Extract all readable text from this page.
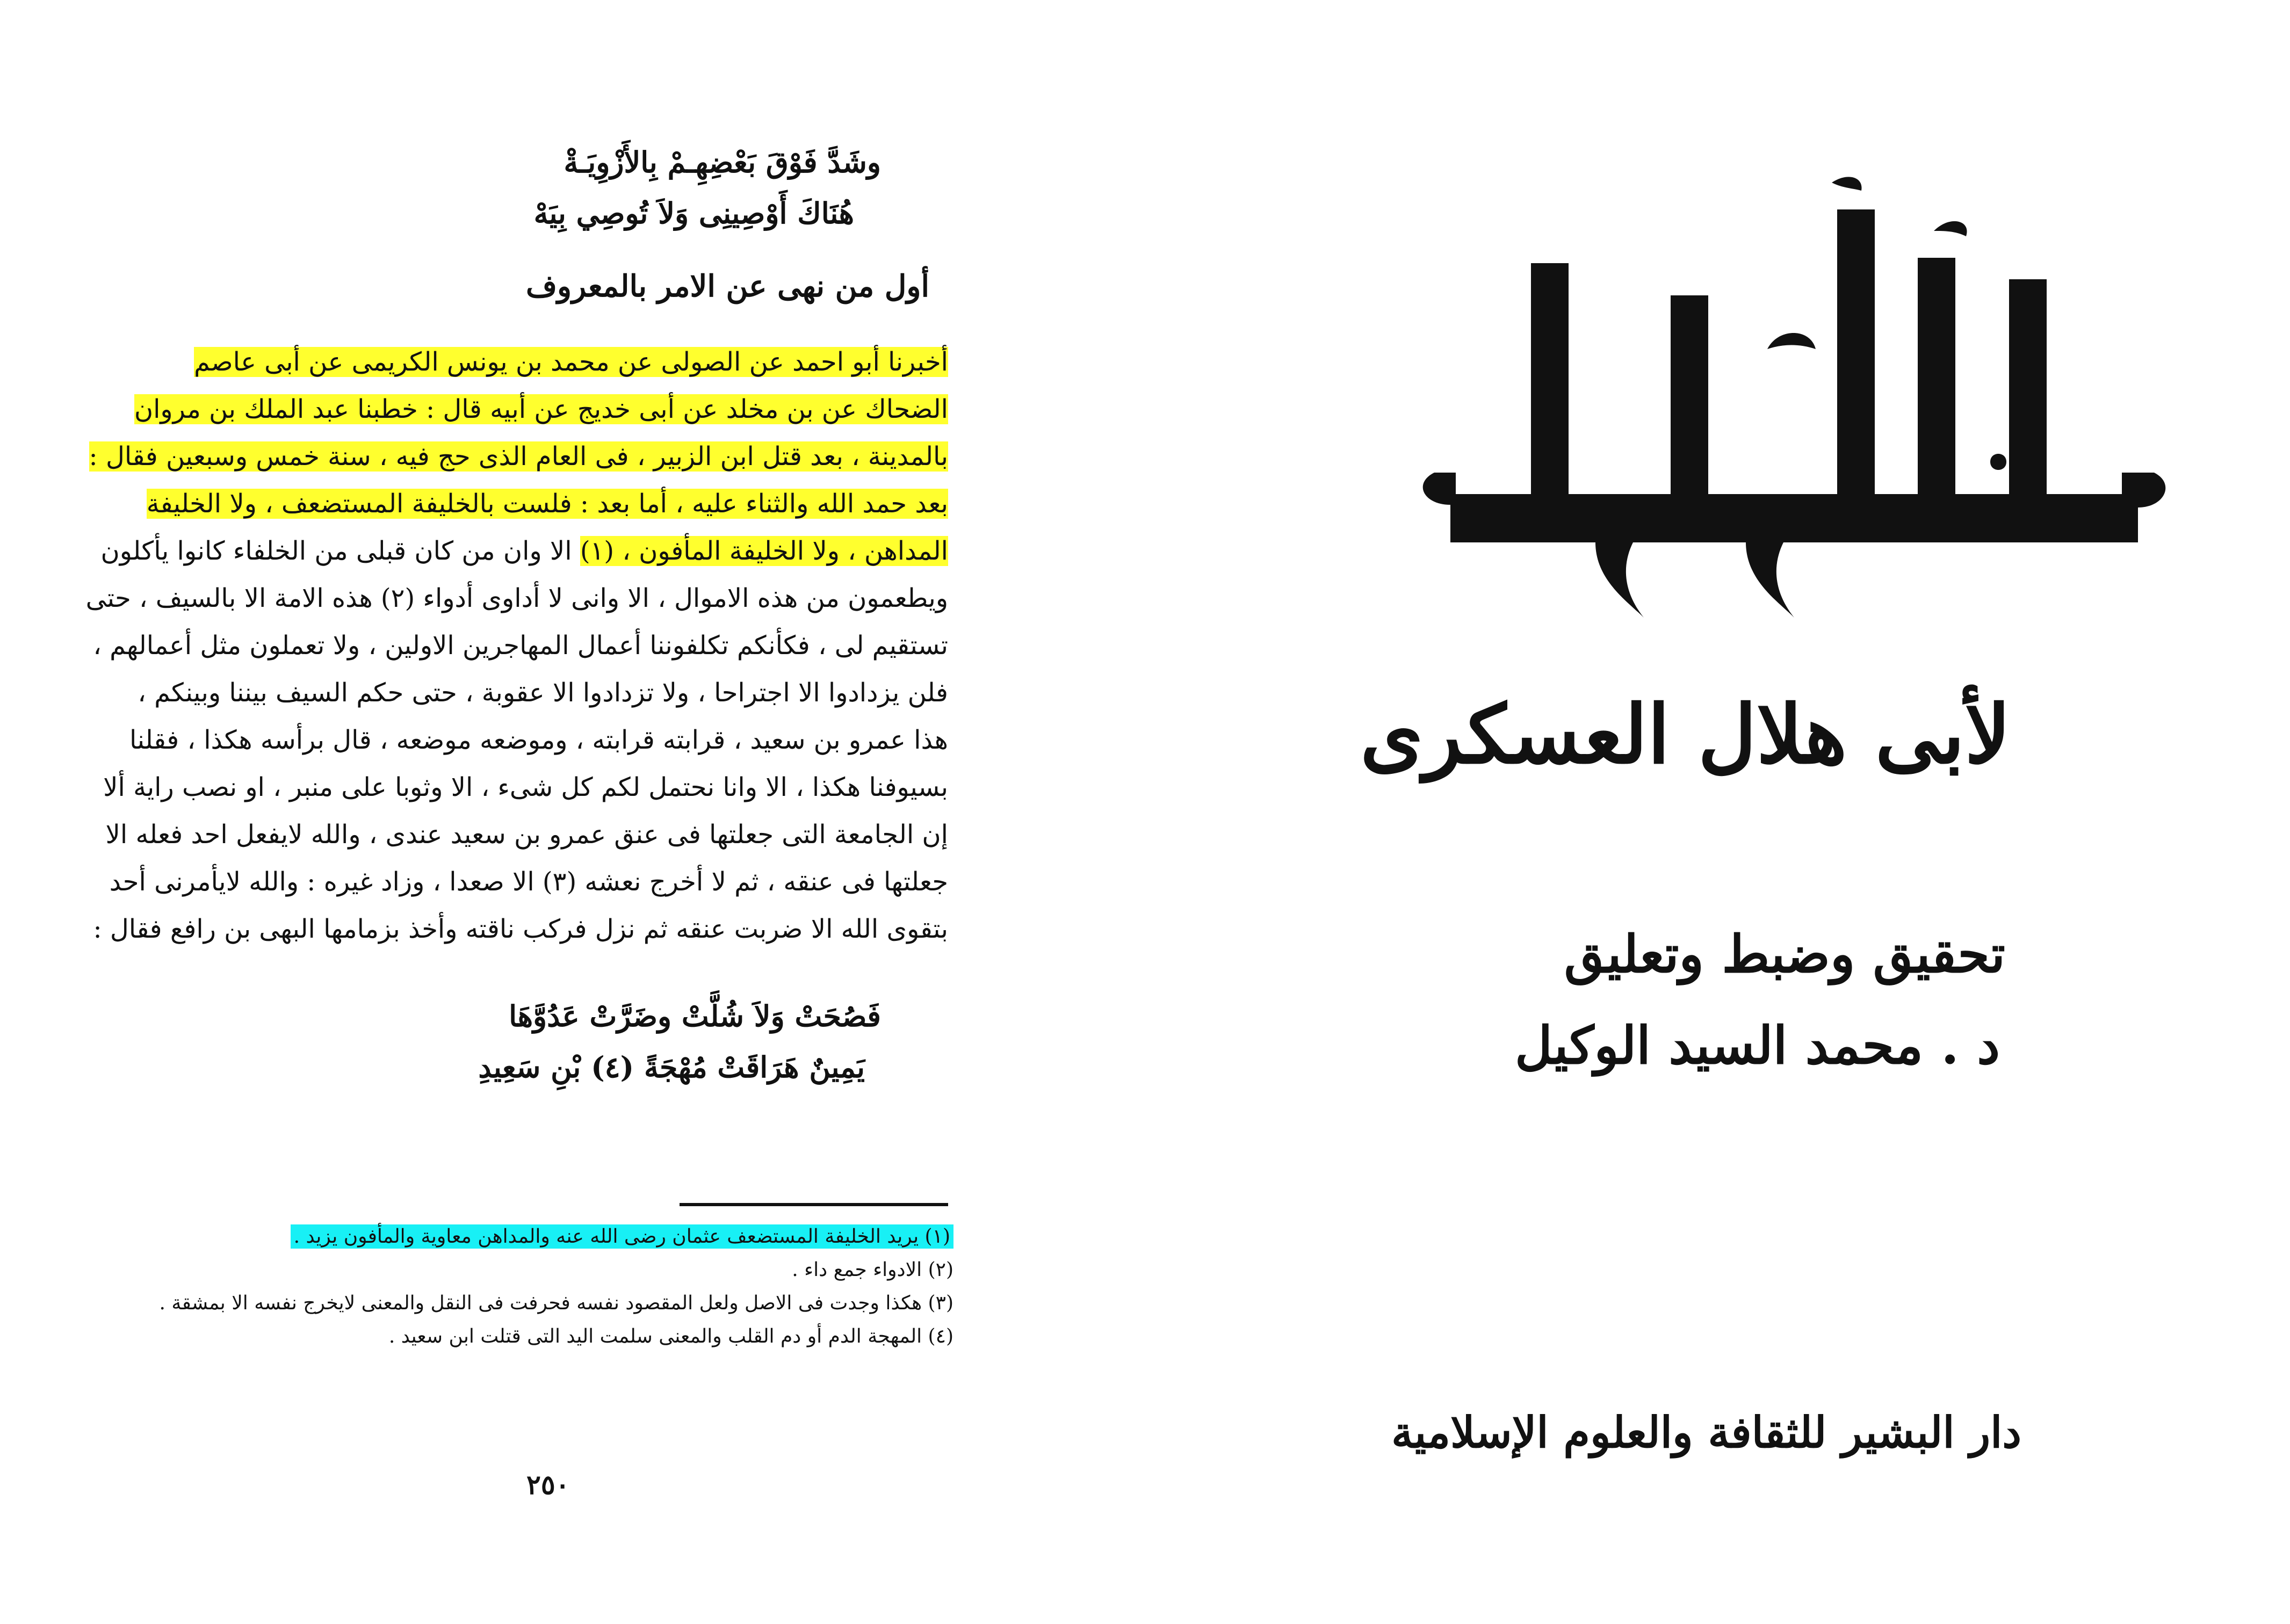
وشَدَّ فَوْقَ بَعْضِهِـمْ بِالأَزْوِيَـةْ
هُنَاكَ أَوْصِينِى وَلاَ تُوصِي بِيَهْ
أول من نهى عن الامر بالمعروف
أخبرنا أبو احمد عن الصولى عن محمد بن يونس الكريمى عن أبى عاصم
الضحاك عن بن مخلد عن أبى خديج عن أبيه قال : خطبنا عبد الملك بن مروان
بالمدينة ، بعد قتل ابن الزبير ، فى العام الذى حج فيه ، سنة خمس وسبعين فقال :
بعد حمد الله والثناء عليه ، أما بعد : فلست بالخليفة المستضعف ، ولا الخليفة
المداهن ، ولا الخليفة المأفون ، (١) الا وان من كان قبلى من الخلفاء كانوا يأكلون
ويطعمون من هذه الاموال ، الا وانى لا أداوى أدواء (٢) هذه الامة الا بالسيف ، حتى
تستقيم لى ، فكأنكم تكلفوننا أعمال المهاجرين الاولين ، ولا تعملون مثل أعمالهم ،
فلن يزدادوا الا اجتراحا ، ولا تزدادوا الا عقوبة ، حتى حكم السيف بيننا وبينكم ،
هذا عمرو بن سعيد ، قرابته قرابته ، وموضعه موضعه ، قال برأسه هكذا ، فقلنا
بسيوفنا هكذا ، الا وانا نحتمل لكم كل شىء ، الا وثوبا على منبر ، او نصب راية ألا
إن الجامعة التى جعلتها فى عنق عمرو بن سعيد عندى ، والله لايفعل احد فعله الا
جعلتها فى عنقه ، ثم لا أخرج نعشه (٣) الا صعدا ، وزاد غيره : والله لايأمرنى أحد
بتقوى الله الا ضربت عنقه ثم نزل فركب ناقته وأخذ بزمامها البهى بن رافع فقال :
فَصُحَتْ وَلاَ شُلَّتْ وضَرَّتْ عَدُوَّهَا
يَمِينٌ هَرَاقَتْ مُهْجَةً (٤) بْنِ سَعِيدِ
(١) يريد الخليفة المستضعف عثمان رضى الله عنه والمداهن معاوية والمأفون يزيد .
(٢) الادواء جمع داء .
(٣) هكذا وجدت فى الاصل ولعل المقصود نفسه فحرفت فى النقل والمعنى لايخرج نفسه الا بمشقة .
(٤) المهجة الدم أو دم القلب والمعنى سلمت اليد التى قتلت ابن سعيد .
٢٥٠
لأبى هلال العسكرى
تحقيق وضبط وتعليق
د . محمد السيد الوكيل
دار البشير للثقافة والعلوم الإسلامية
